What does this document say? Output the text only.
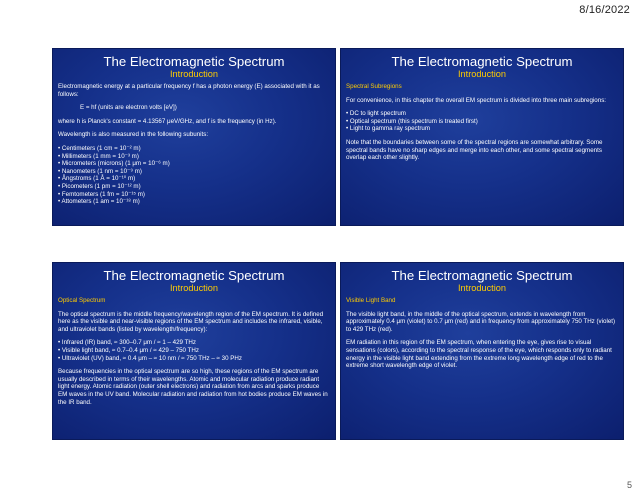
8/16/2022
The Electromagnetic Spectrum
Introduction

Electromagnetic energy at a particular frequency f has a photon energy (E) associated with it as follows:

E = hf (units are electron volts [eV])

where h is Planck's constant = 4.13567 μeV/GHz, and f is the frequency (in Hz).

Wavelength is also measured in the following subunits:

• Centimeters (1 cm = 10⁻² m)
• Millimeters (1 mm = 10⁻³ m)
• Micrometers (microns) (1 μm = 10⁻⁶ m)
• Nanometers (1 nm = 10⁻⁹ m)
• Ångstroms (1 Å = 10⁻¹⁰ m)
• Picometers (1 pm = 10⁻¹² m)
• Femtometers (1 fm = 10⁻¹⁵ m)
• Attometers (1 am = 10⁻¹⁸ m)
The Electromagnetic Spectrum
Introduction
Spectral Subregions

For convenience, in this chapter the overall EM spectrum is divided into three main subregions:

• DC to light spectrum
• Optical spectrum (this spectrum is treated first)
• Light to gamma ray spectrum

Note that the boundaries between some of the spectral regions are somewhat arbitrary. Some spectral bands have no sharp edges and merge into each other, and some spectral segments overlap each other slightly.

The Electromagnetic Spectrum
Introduction
Optical Spectrum

The optical spectrum is the middle frequency/wavelength region of the EM spectrum. It is defined here as the visible and near-visible regions of the EM spectrum and includes the infrared, visible, and ultraviolet bands (listed by wavelength/frequency):

• Infrared (IR) band, ≈ 300–0.7 μm / ≈ 1 – 429 THz
• Visible light band, ≈ 0.7–0.4 μm / ≈ 429 – 750 THz
• Ultraviolet (UV) band, ≈ 0.4 μm – ≈ 10 nm / ≈ 750 THz – ≈ 30 PHz

Because frequencies in the optical spectrum are so high, these regions of the EM spectrum are usually described in terms of their wavelengths. Atomic and molecular radiation produce radiant light energy. Atomic radiation (outer shell electrons) and radiation from arcs and sparks produce EM waves in the UV band. Molecular radiation and radiation from hot bodies produce EM waves in the IR band.

The Electromagnetic Spectrum
Introduction
Visible Light Band

The visible light band, in the middle of the optical spectrum, extends in wavelength from approximately 0.4 μm (violet) to 0.7 μm (red) and in frequency from approximately 750 THz (violet) to 429 THz (red).

EM radiation in this region of the EM spectrum, when entering the eye, gives rise to visual sensations (colors), according to the spectral response of the eye, which responds only to radiant energy in the visible light band extending from the extreme long wavelength edge of red to the extreme short wavelength edge of violet.

5
